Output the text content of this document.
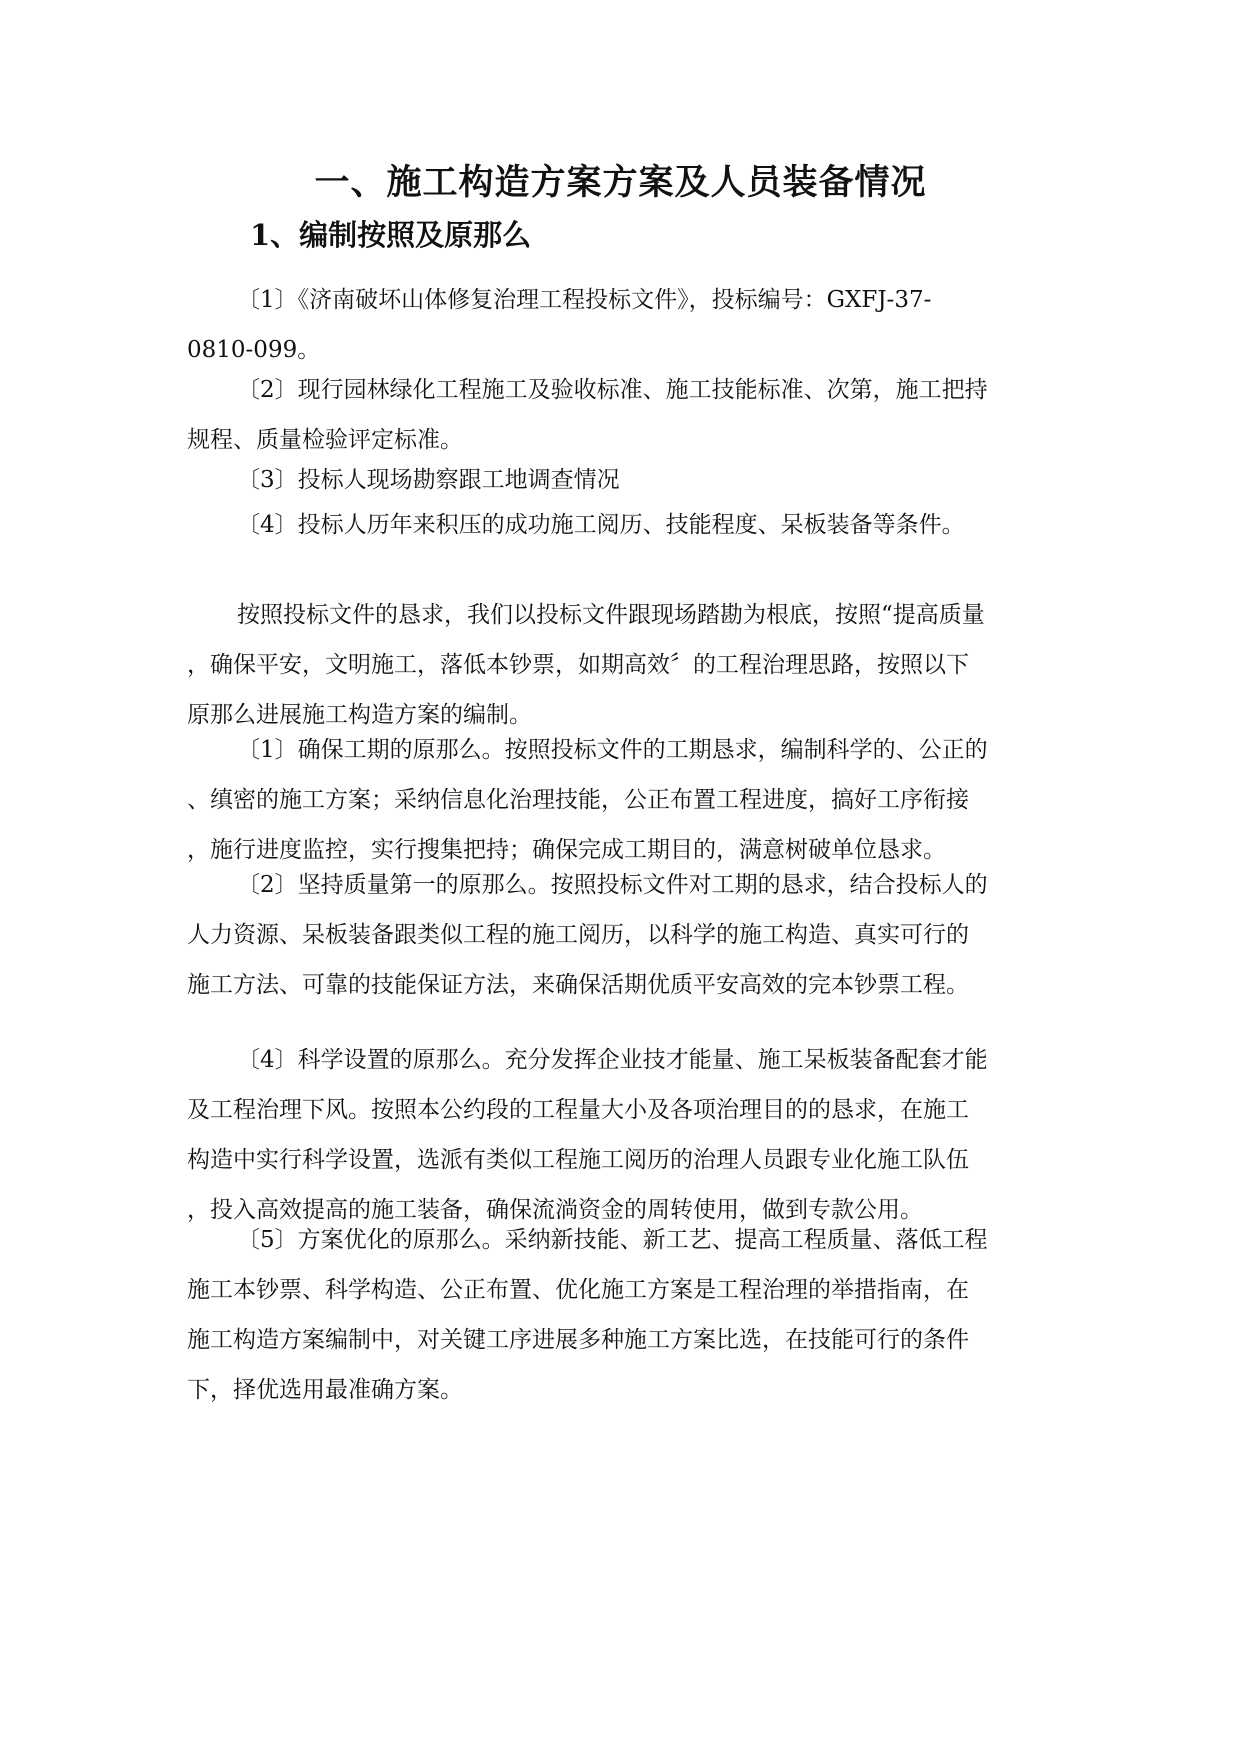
一、施工构造方案方案及人员装备情况
1、编制按照及原那么

〔1〕《济南破坏山体修复治理工程投标文件》，投标编号：GXFJ-37-
0810-099。

〔2〕现行园林绿化工程施工及验收标准、施工技能标准、次第，施工把持
规程、质量检验评定标准。

〔3〕投标人现场勘察跟工地调查情况

〔4〕投标人历年来积压的成功施工阅历、技能程度、呆板装备等条件。

按照投标文件的恳求，我们以投标文件跟现场踏勘为根底，按照“提高质量
，确保平安，文明施工，落低本钞票，如期高效〞的工程治理思路，按照以下
原那么进展施工构造方案的编制。

〔1〕确保工期的原那么。按照投标文件的工期恳求，编制科学的、公正的
、缜密的施工方案；采纳信息化治理技能，公正布置工程进度，搞好工序衔接
，施行进度监控，实行搜集把持；确保完成工期目的，满意树破单位恳求。

〔2〕坚持质量第一的原那么。按照投标文件对工期的恳求，结合投标人的
人力资源、呆板装备跟类似工程的施工阅历，以科学的施工构造、真实可行的
施工方法、可靠的技能保证方法，来确保活期优质平安高效的完本钞票工程。

〔4〕科学设置的原那么。充分发挥企业技才能量、施工呆板装备配套才能
及工程治理下风。按照本公约段的工程量大小及各项治理目的的恳求，在施工
构造中实行科学设置，选派有类似工程施工阅历的治理人员跟专业化施工队伍
，投入高效提高的施工装备，确保流淌资金的周转使用，做到专款公用。

〔5〕方案优化的原那么。采纳新技能、新工艺、提高工程质量、落低工程
施工本钞票、科学构造、公正布置、优化施工方案是工程治理的举措指南，在
施工构造方案编制中，对关键工序进展多种施工方案比选，在技能可行的条件
下，择优选用最准确方案。
